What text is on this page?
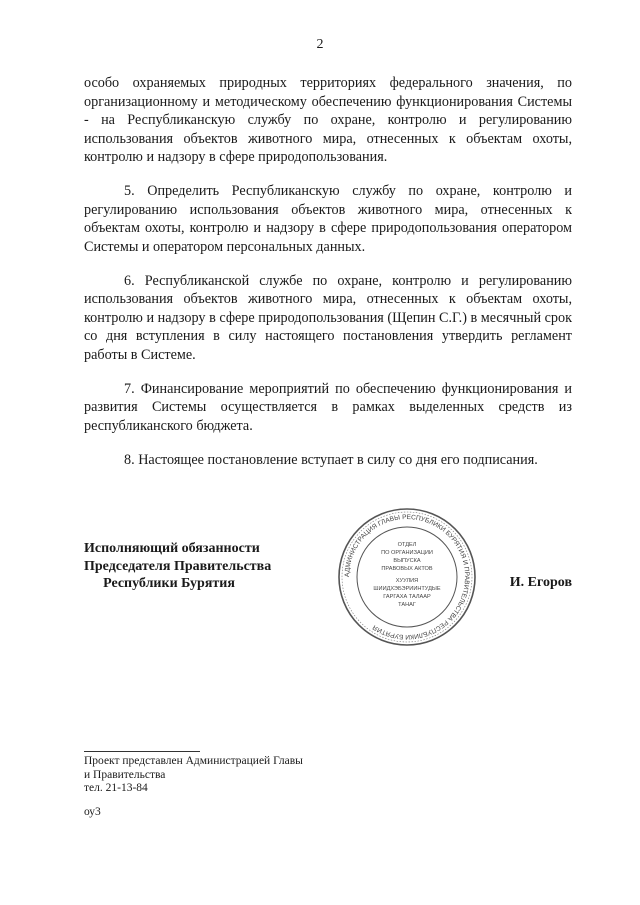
2

особо охраняемых природных территориях федерального значения, по организационному и методическому обеспечению функционирования Системы - на Республиканскую службу по охране, контролю и регулированию использования объектов животного мира, отнесенных к объектам охоты, контролю и надзору в сфере природопользования.

5. Определить Республиканскую службу по охране, контролю и регулированию использования объектов животного мира, отнесенных к объектам охоты, контролю и надзору в сфере природопользования оператором Системы и оператором персональных данных.

6. Республиканской службе по охране, контролю и регулированию использования объектов животного мира, отнесенных к объектам охоты, контролю и надзору в сфере природопользования (Щепин С.Г.) в месячный срок со дня вступления в силу настоящего постановления утвердить регламент работы в Системе.

7. Финансирование мероприятий по обеспечению функционирования и развития Системы осуществляется в рамках выделенных средств из республиканского бюджета.

8. Настоящее постановление вступает в силу со дня его подписания.

Исполняющий обязанности
Председателя Правительства
Республики Бурятия
АДМИНИСТРАЦИЯ ГЛАВЫ РЕСПУБЛИКИ БУРЯТИЯ И ПРАВИТЕЛЬСТВА РЕСПУБЛИКИ БУРЯТИЯ
ОТДЕЛ
ПО ОРГАНИЗАЦИИ
ВЫПУСКА
ПРАВОВЫХ АКТОВ
ХУУЛИЯ
ШИИДХЭБЭРИИНТУДЫЕ
ГАРГАХА ТАЛААР
ТАНАГ
И. Егоров
Проект представлен Администрацией Главы
и Правительства
тел. 21-13-84
оу3
